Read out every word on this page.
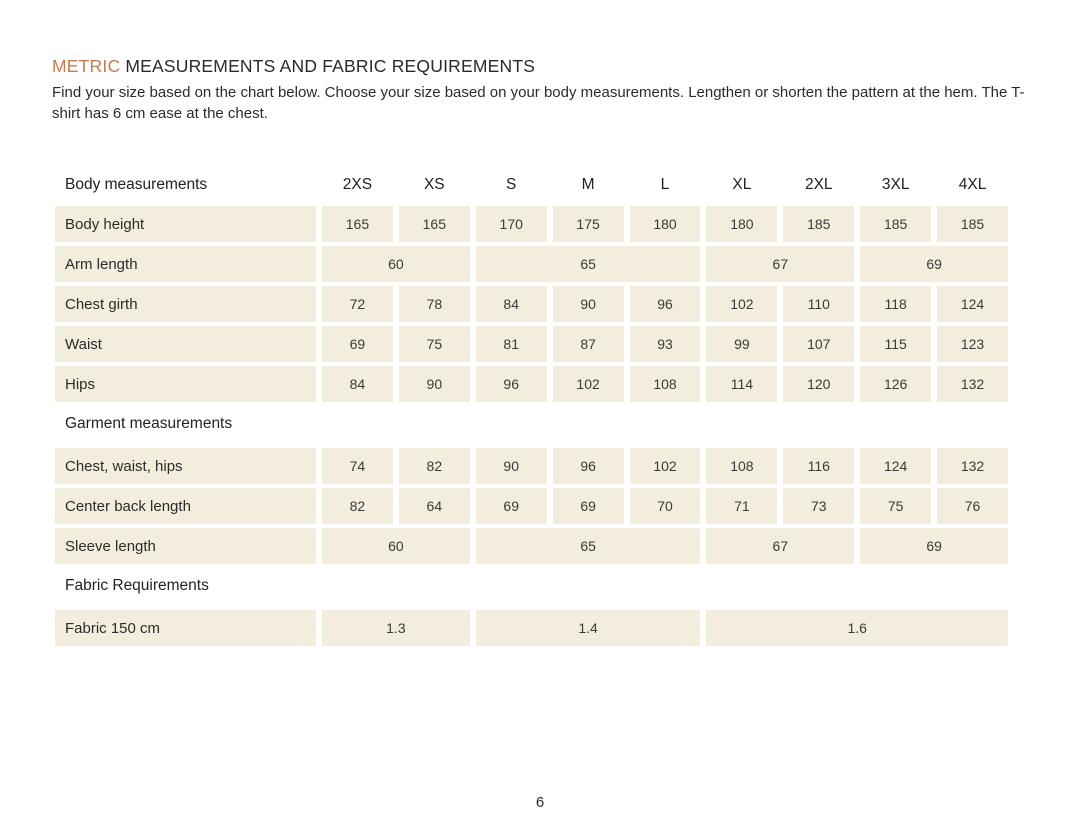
METRIC MEASUREMENTS AND FABRIC REQUIREMENTS

Find your size based on the chart below. Choose your size based on your body measurements. Lengthen or shorten the pattern at the hem. The T-shirt has 6 cm ease at the chest.

Body measurements	2XS	XS	S	M	L	XL	2XL	3XL	4XL
Body height	165	165	170	175	180	180	185	185	185
Arm length	60	65	67	69
Chest girth	72	78	84	90	96	102	110	118	124
Waist	69	75	81	87	93	99	107	115	123
Hips	84	90	96	102	108	114	120	126	132
Garment measurements
Chest, waist, hips	74	82	90	96	102	108	116	124	132
Center back length	82	64	69	69	70	71	73	75	76
Sleeve length	60	65	67	69
Fabric Requirements
Fabric 150 cm	1.3	1.4	1.6
6
